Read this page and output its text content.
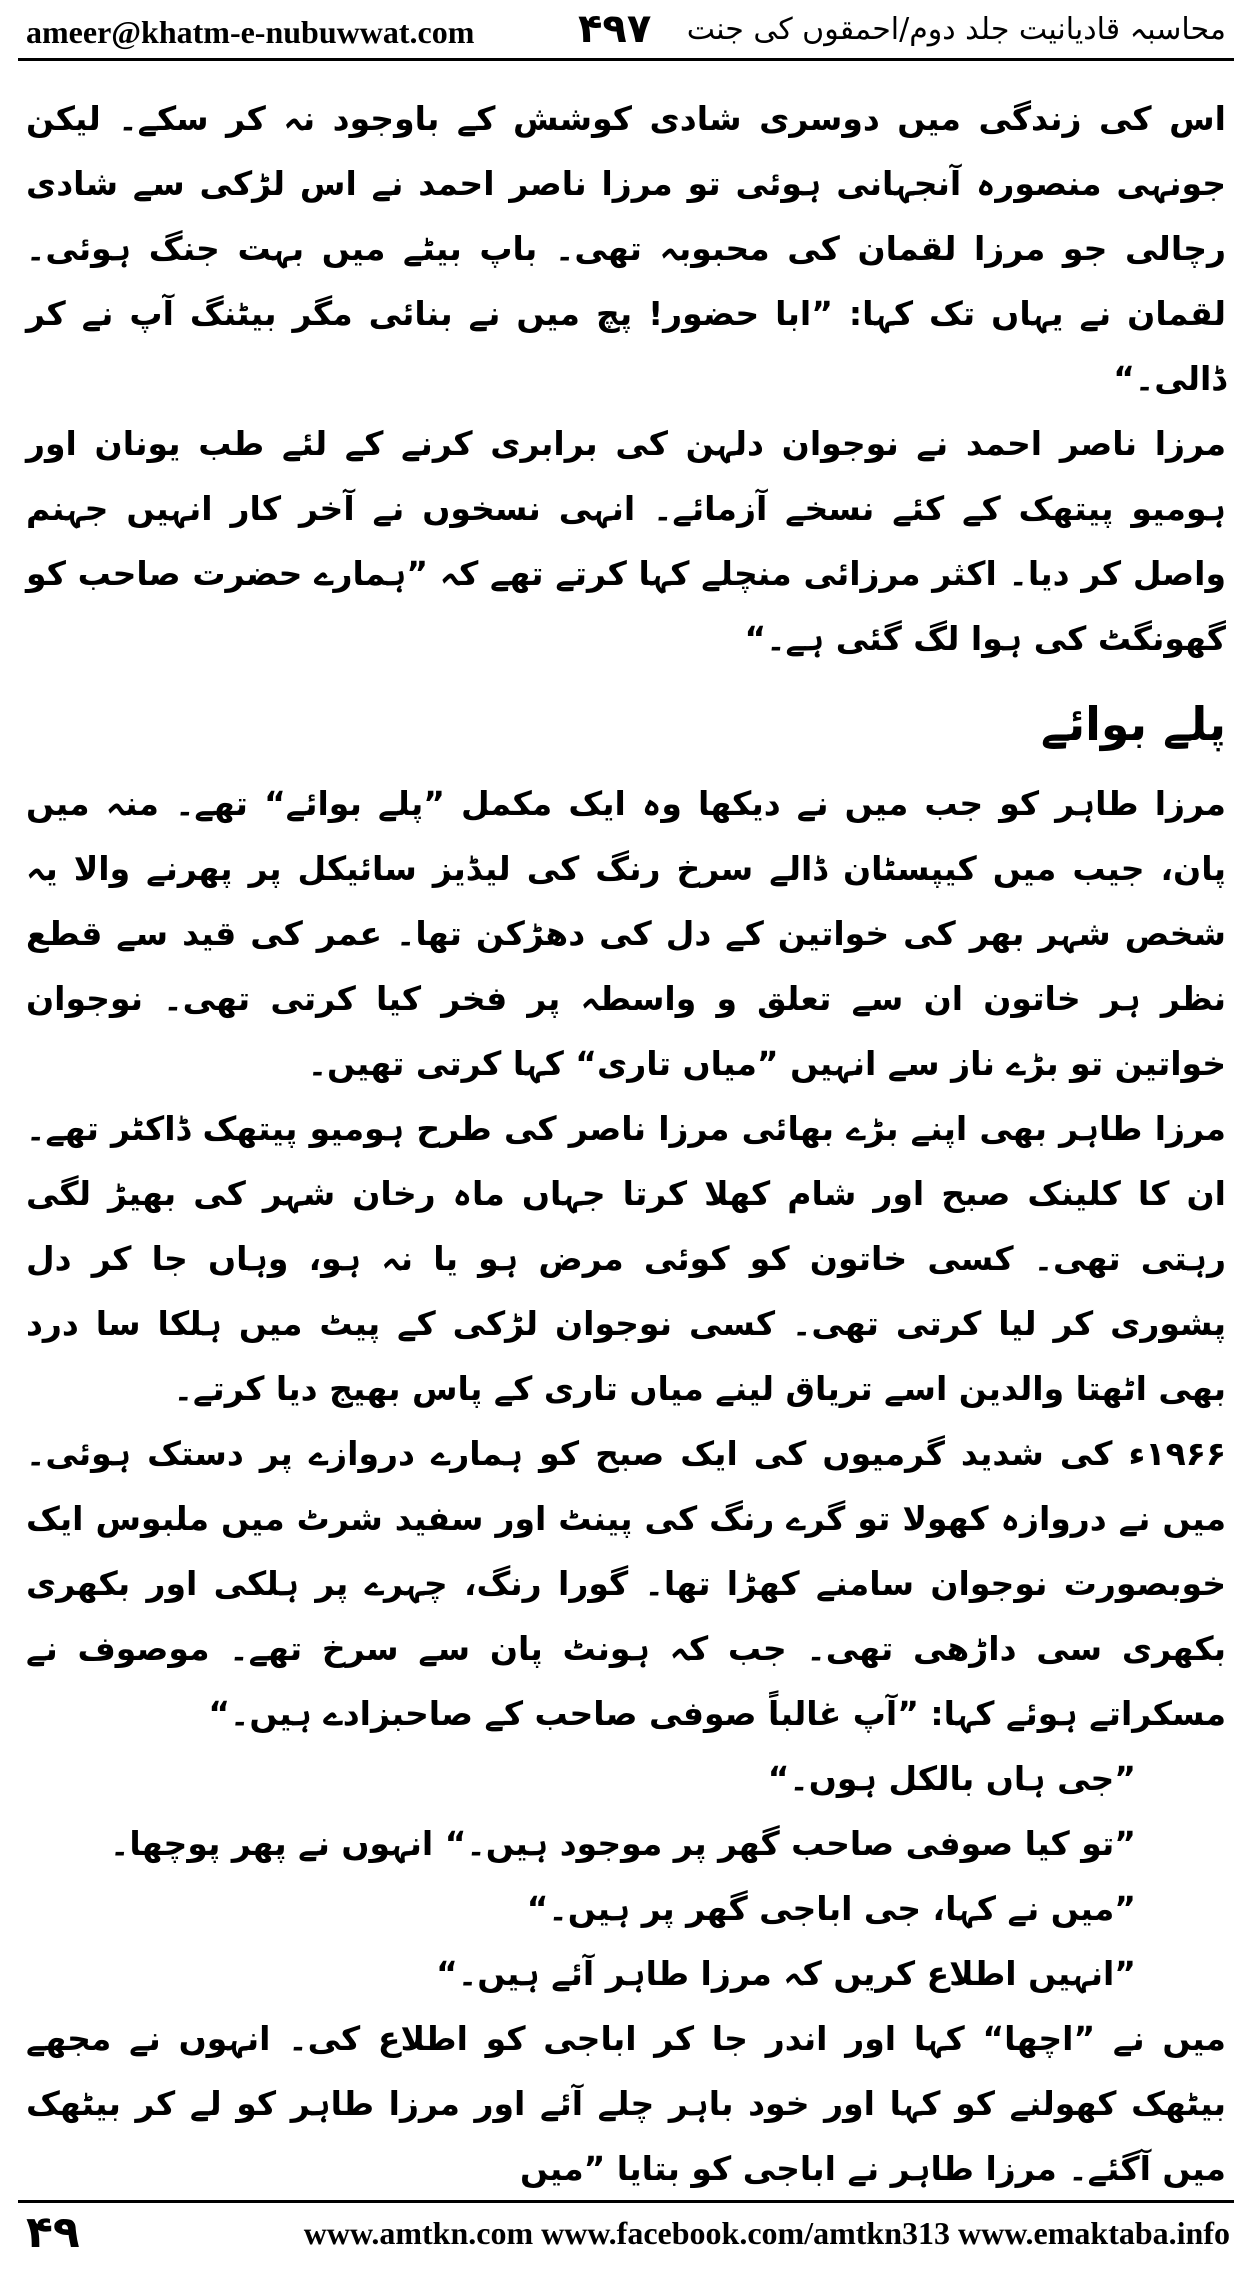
ameer@khatm-e-nubuwwat.com	۴۹۷ محاسبہ قادیانیت جلد دوم/احمقوں کی جنت

اس کی زندگی میں دوسری شادی کوشش کے باوجود نہ کر سکے۔ لیکن جونہی منصورہ آنجہانی ہوئی تو مرزا ناصر احمد نے اس لڑکی سے شادی رچالی جو مرزا لقمان کی محبوبہ تھی۔ باپ بیٹے میں بہت جنگ ہوئی۔ لقمان نے یہاں تک کہا: ”ابا حضور! پچ میں نے بنائی مگر بیٹنگ آپ نے کر ڈالی۔“

مرزا ناصر احمد نے نوجوان دلہن کی برابری کرنے کے لئے طب یونان اور ہومیو پیتھک کے کئے نسخے آزمائے۔ انہی نسخوں نے آخر کار انہیں جہنم واصل کر دیا۔ اکثر مرزائی منچلے کہا کرتے تھے کہ ”ہمارے حضرت صاحب کو گھونگٹ کی ہوا لگ گئی ہے۔“

پلے بوائے

مرزا طاہر کو جب میں نے دیکھا وہ ایک مکمل ”پلے بوائے“ تھے۔ منہ میں پان، جیب میں کیپسٹان ڈالے سرخ رنگ کی لیڈیز سائیکل پر پھرنے والا یہ شخص شہر بھر کی خواتین کے دل کی دھڑکن تھا۔ عمر کی قید سے قطع نظر ہر خاتون ان سے تعلق و واسطہ پر فخر کیا کرتی تھی۔ نوجوان خواتین تو بڑے ناز سے انہیں ”میاں تاری“ کہا کرتی تھیں۔

مرزا طاہر بھی اپنے بڑے بھائی مرزا ناصر کی طرح ہومیو پیتھک ڈاکٹر تھے۔ ان کا کلینک صبح اور شام کھلا کرتا جہاں ماہ رخان شہر کی بھیڑ لگی رہتی تھی۔ کسی خاتون کو کوئی مرض ہو یا نہ ہو، وہاں جا کر دل پشوری کر لیا کرتی تھی۔ کسی نوجوان لڑکی کے پیٹ میں ہلکا سا درد بھی اٹھتا والدین اسے تریاق لینے میاں تاری کے پاس بھیج دیا کرتے۔

۱۹۶۶ء کی شدید گرمیوں کی ایک صبح کو ہمارے دروازے پر دستک ہوئی۔ میں نے دروازہ کھولا تو گرے رنگ کی پینٹ اور سفید شرٹ میں ملبوس ایک خوبصورت نوجوان سامنے کھڑا تھا۔ گورا رنگ، چہرے پر ہلکی اور بکھری بکھری سی داڑھی تھی۔ جب کہ ہونٹ پان سے سرخ تھے۔ موصوف نے مسکراتے ہوئے کہا: ”آپ غالباً صوفی صاحب کے صاحبزادے ہیں۔“

”جی ہاں بالکل ہوں۔“

”تو کیا صوفی صاحب گھر پر موجود ہیں۔“ انہوں نے پھر پوچھا۔

”میں نے کہا، جی اباجی گھر پر ہیں۔“

”انہیں اطلاع کریں کہ مرزا طاہر آئے ہیں۔“

میں نے ”اچھا“ کہا اور اندر جا کر اباجی کو اطلاع کی۔ انہوں نے مجھے بیٹھک کھولنے کو کہا اور خود باہر چلے آئے اور مرزا طاہر کو لے کر بیٹھک میں آگئے۔ مرزا طاہر نے اباجی کو بتایا ”میں

۴۹	www.amtkn.com www.facebook.com/amtkn313 www.emaktaba.info
